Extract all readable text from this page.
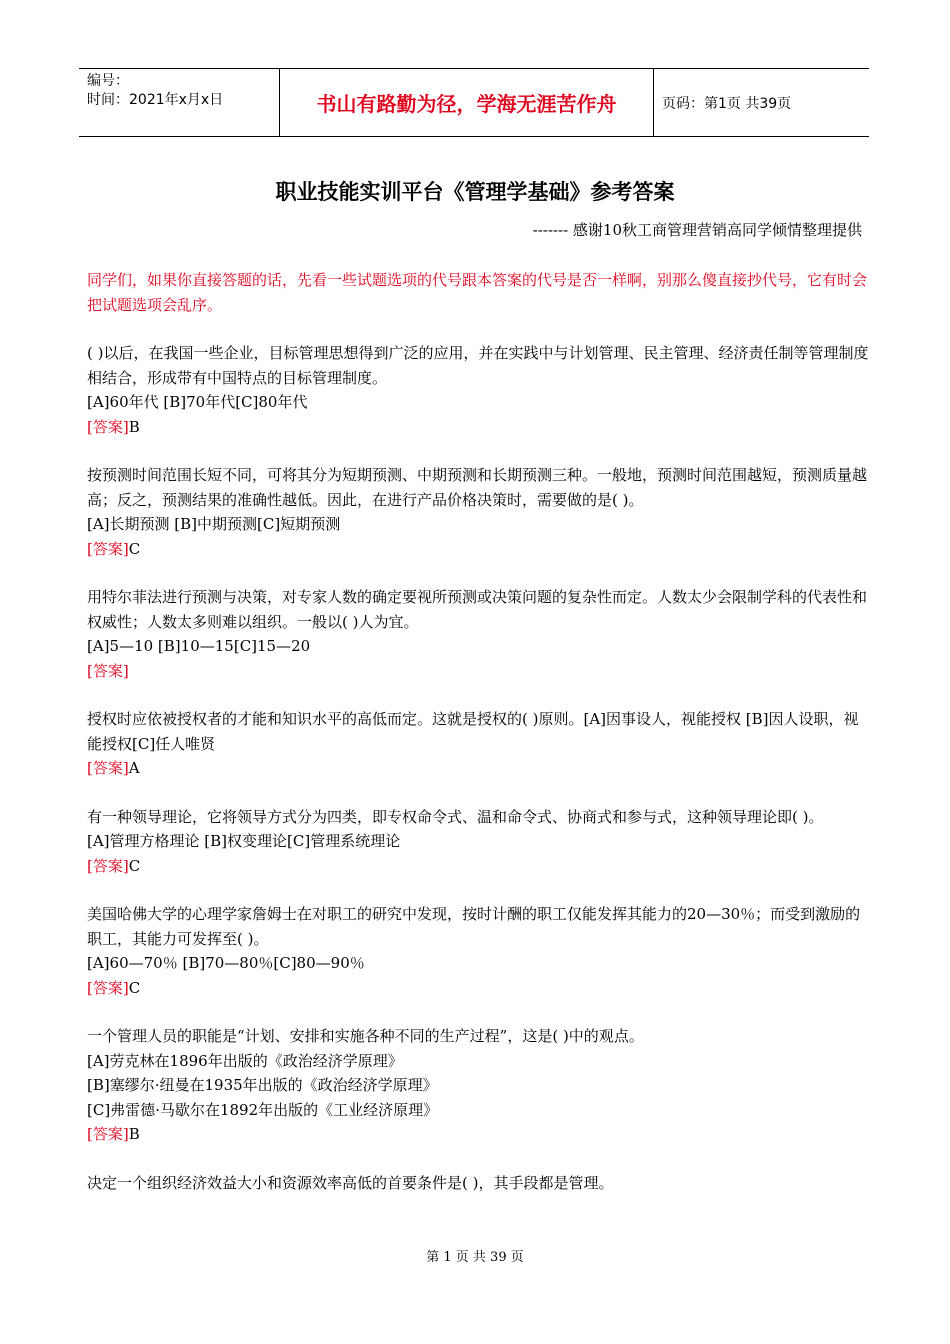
编号：
时间：2021年x月x日	书山有路勤为径，学海无涯苦作舟	页码：第1页 共39页
职业技能实训平台《管理学基础》参考答案
------- 感谢10秋工商管理营销高同学倾情整理提供

同学们，如果你直接答题的话，先看一些试题选项的代号跟本答案的代号是否一样啊，别那么傻直接抄代号，它有时会把试题选项会乱序。

( )以后，在我国一些企业，目标管理思想得到广泛的应用，并在实践中与计划管理、民主管理、经济责任制等管理制度相结合，形成带有中国特点的目标管理制度。

[A]60年代 [B]70年代[C]80年代

[答案]B

按预测时间范围长短不同，可将其分为短期预测、中期预测和长期预测三种。一般地，预测时间范围越短，预测质量越高；反之，预测结果的准确性越低。因此，在进行产品价格决策时，需要做的是( )。

[A]长期预测 [B]中期预测[C]短期预测

[答案]C

用特尔菲法进行预测与决策，对专家人数的确定要视所预测或决策问题的复杂性而定。人数太少会限制学科的代表性和权威性；人数太多则难以组织。一般以( )人为宜。

[A]5—10 [B]10—15[C]15—20

[答案]

授权时应依被授权者的才能和知识水平的高低而定。这就是授权的( )原则。[A]因事设人，视能授权 [B]因人设职，视能授权[C]任人唯贤

[答案]A

有一种领导理论，它将领导方式分为四类，即专权命令式、温和命令式、协商式和参与式，这种领导理论即( )。

[A]管理方格理论 [B]权变理论[C]管理系统理论

[答案]C

美国哈佛大学的心理学家詹姆士在对职工的研究中发现，按时计酬的职工仅能发挥其能力的20—30％；而受到激励的职工，其能力可发挥至( )。

[A]60—70％ [B]70—80％[C]80—90％

[答案]C

一个管理人员的职能是“计划、安排和实施各种不同的生产过程”，这是( )中的观点。

[A]劳克林在1896年出版的《政治经济学原理》

[B]塞缪尔·纽曼在1935年出版的《政治经济学原理》

[C]弗雷德·马歇尔在1892年出版的《工业经济原理》

[答案]B

决定一个组织经济效益大小和资源效率高低的首要条件是( )，其手段都是管理。

第 1 页 共 39 页
